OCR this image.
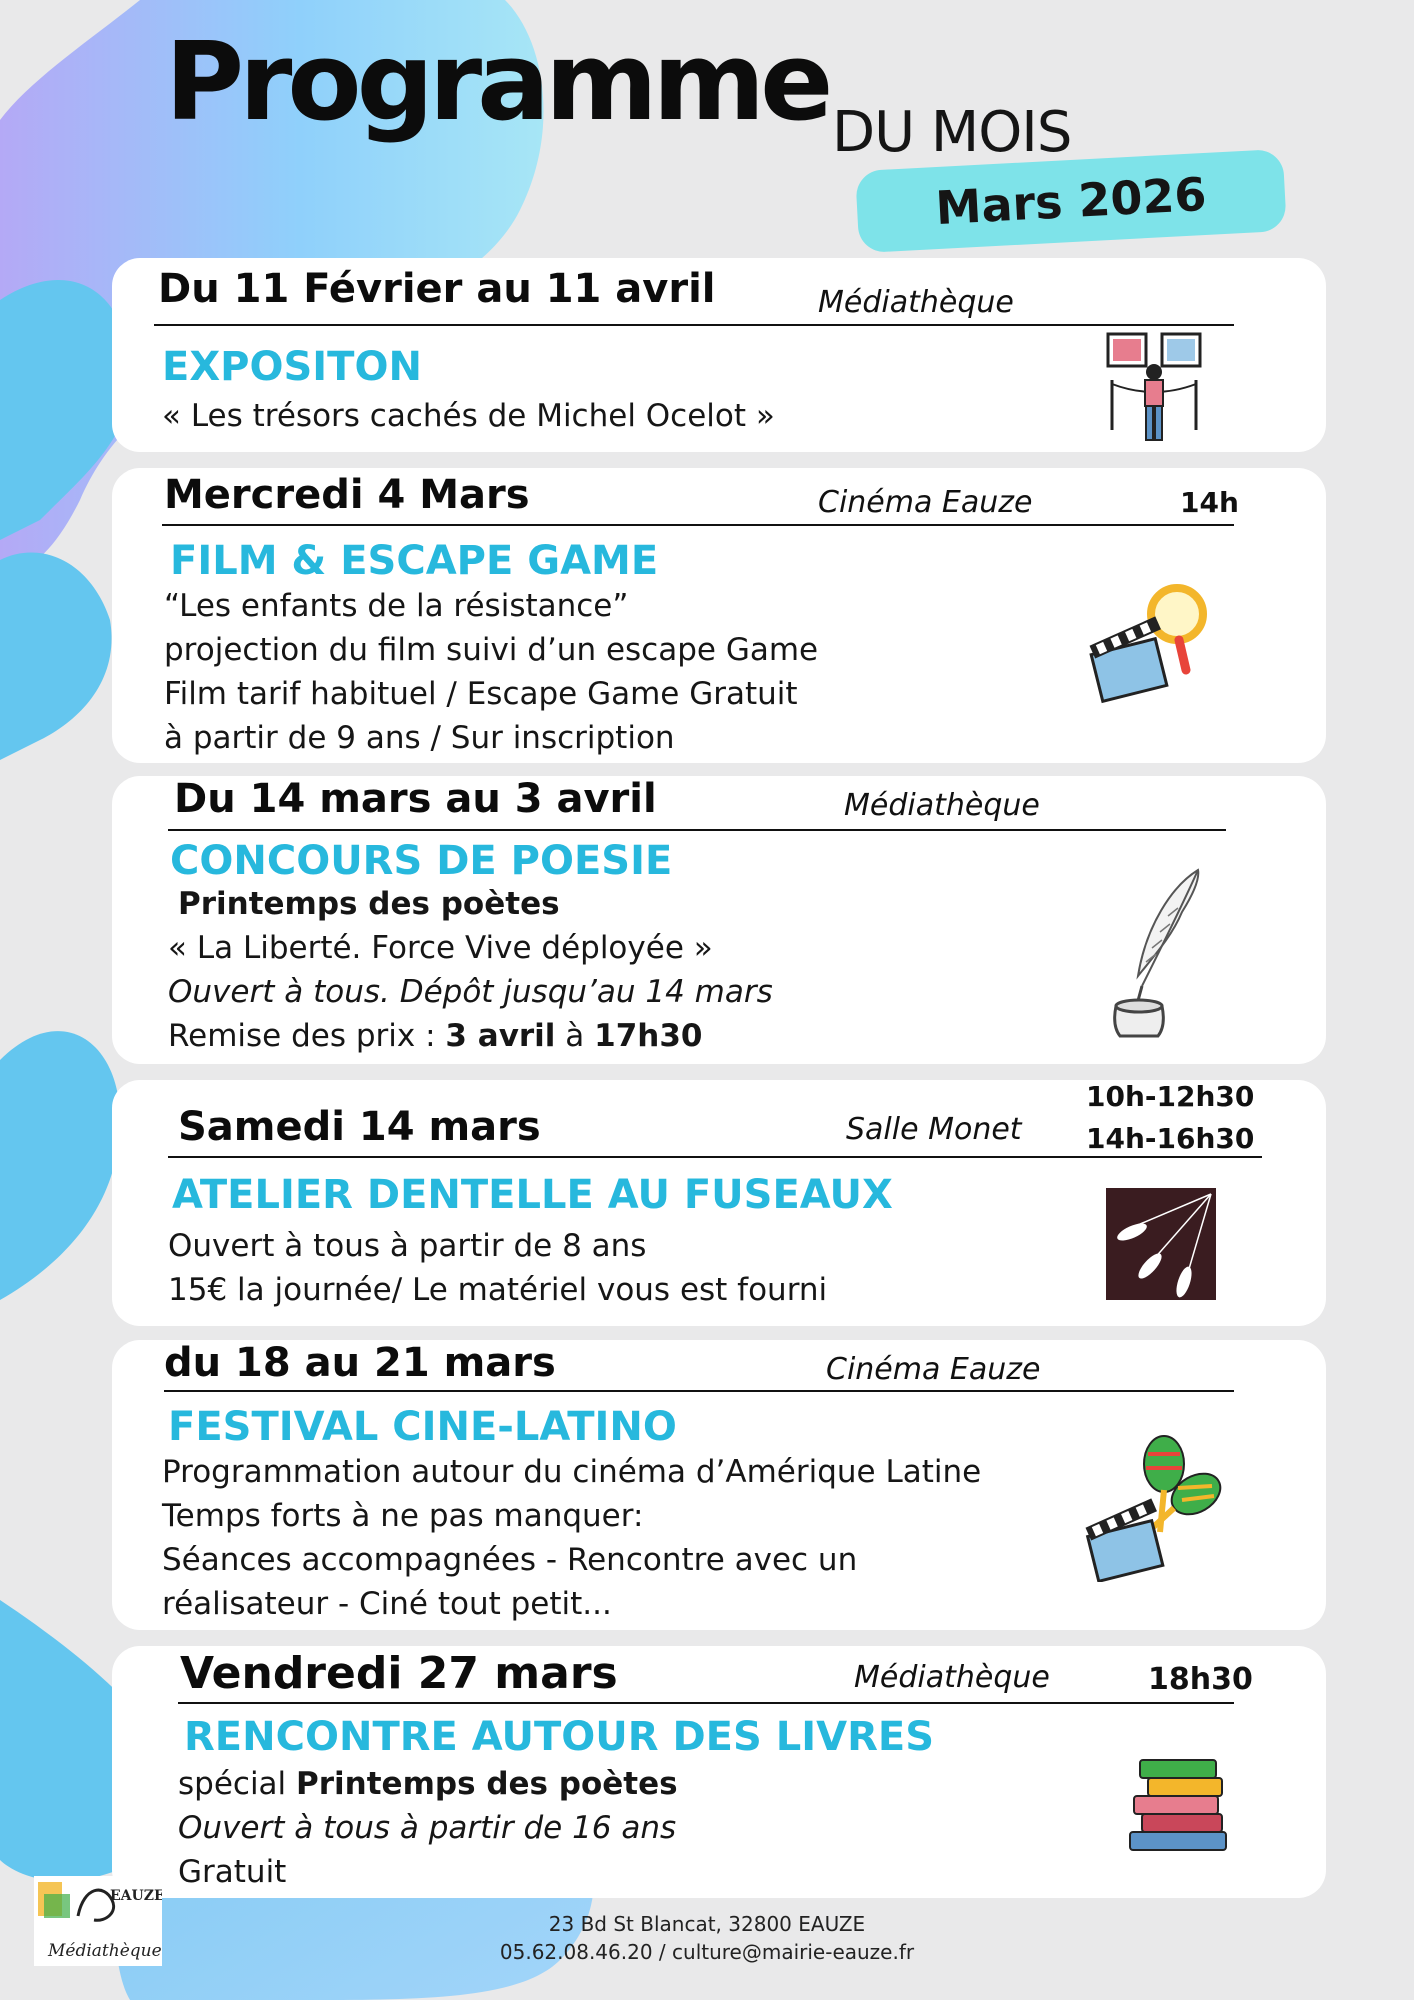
Programme DU MOIS
Mars 2026
Du 11 Février au 11 avril	Médiathèque
EXPOSITON
« Les trésors cachés de Michel Ocelot »
Mercredi 4 Mars	Cinéma Eauze	14h
FILM & ESCAPE GAME
“Les enfants de la résistance”
projection du film suivi d’un escape Game
Film tarif habituel / Escape Game Gratuit
à partir de 9 ans / Sur inscription
Du 14 mars au 3 avril	Médiathèque
CONCOURS DE POESIE
Printemps des poètes
« La Liberté. Force Vive déployée »
Ouvert à tous. Dépôt jusqu’au 14 mars
Remise des prix : 3 avril à 17h30
10h-12h30
14h-16h30
Samedi 14 mars	Salle Monet
ATELIER DENTELLE AU FUSEAUX
Ouvert à tous à partir de 8 ans
15€ la journée/ Le matériel vous est fourni
du 18 au 21 mars	Cinéma Eauze
FESTIVAL CINE-LATINO
Programmation autour du cinéma d’Amérique Latine
Temps forts à ne pas manquer:
Séances accompagnées - Rencontre avec un
réalisateur - Ciné tout petit...
Vendredi 27 mars	Médiathèque	18h30
RENCONTRE AUTOUR DES LIVRES
spécial Printemps des poètes
Ouvert à tous à partir de 16 ans
Gratuit
23 Bd St Blancat, 32800 EAUZE
05.62.08.46.20 / culture@mairie-eauze.fr
EAUZE
Médiathèque
